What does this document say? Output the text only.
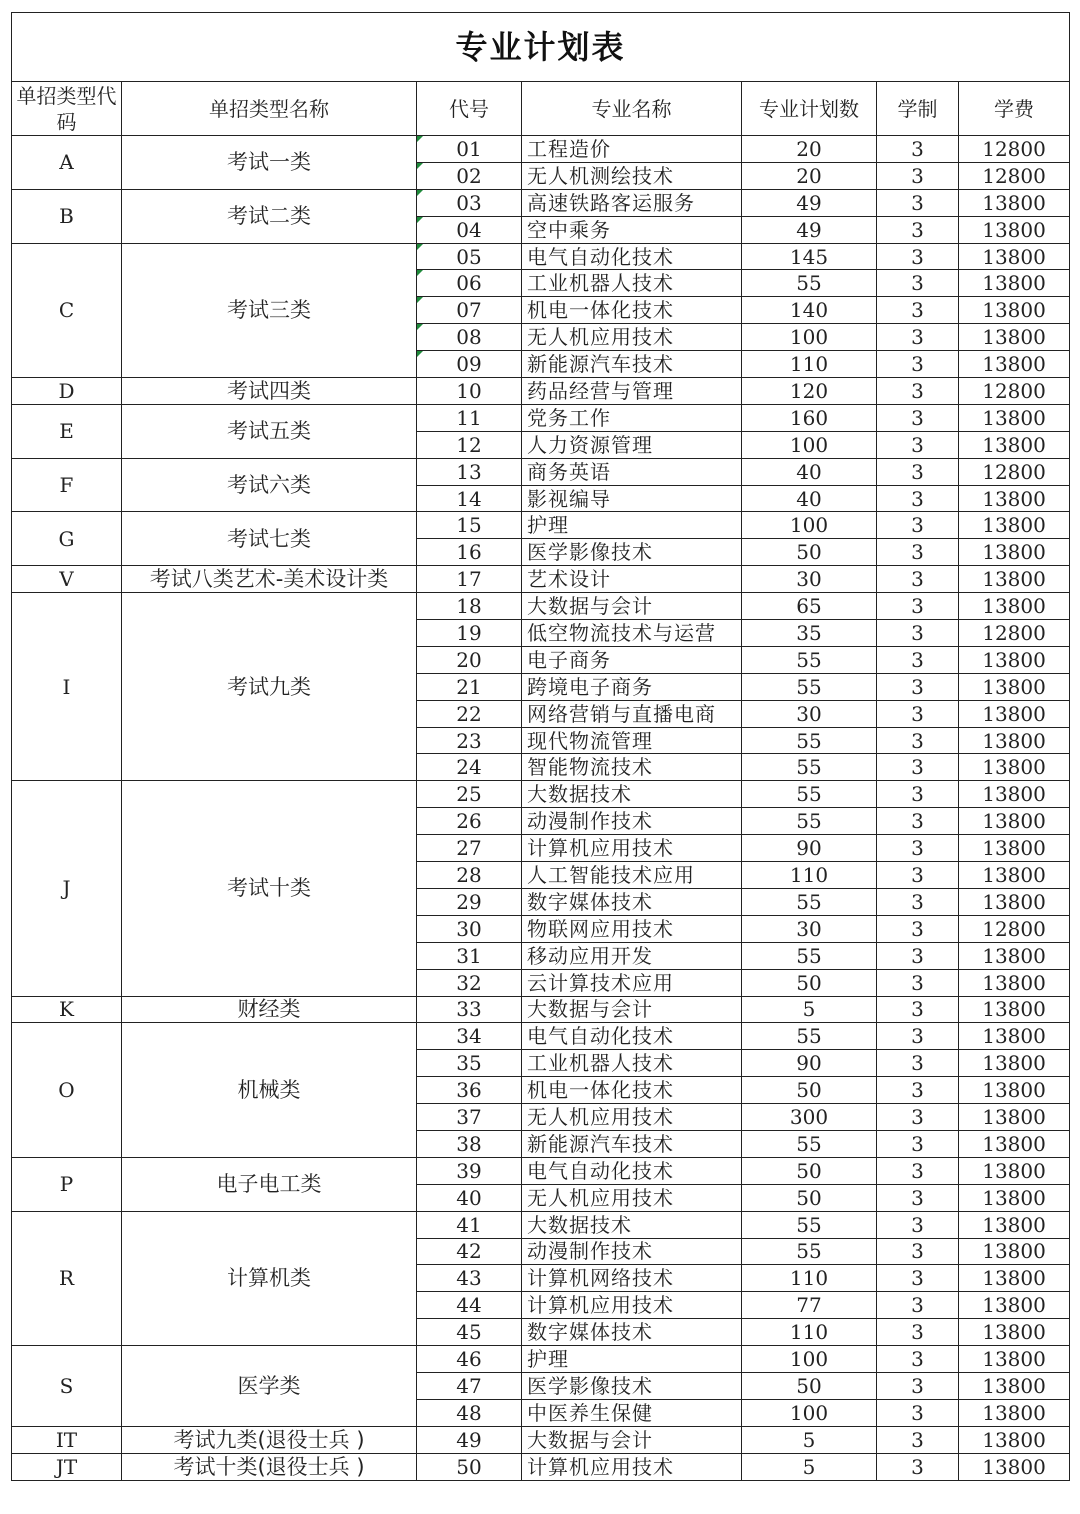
专业计划表						
单招类型代码	单招类型名称	代号	专业名称	专业计划数	学制	学费
A	考试一类	01	工程造价	20	3	12800
		02	无人机测绘技术	20	3	12800
B	考试二类	03	高速铁路客运服务	49	3	13800
		04	空中乘务	49	3	13800
C	考试三类	05	电气自动化技术	145	3	13800
		06	工业机器人技术	55	3	13800
		07	机电一体化技术	140	3	13800
		08	无人机应用技术	100	3	13800
		09	新能源汽车技术	110	3	13800
D	考试四类	10	药品经营与管理	120	3	12800
E	考试五类	11	党务工作	160	3	13800
		12	人力资源管理	100	3	13800
F	考试六类	13	商务英语	40	3	12800
		14	影视编导	40	3	13800
G	考试七类	15	护理	100	3	13800
		16	医学影像技术	50	3	13800
V	考试八类艺术-美术设计类	17	艺术设计	30	3	13800
I	考试九类	18	大数据与会计	65	3	13800
		19	低空物流技术与运营	35	3	12800
		20	电子商务	55	3	13800
		21	跨境电子商务	55	3	13800
		22	网络营销与直播电商	30	3	13800
		23	现代物流管理	55	3	13800
		24	智能物流技术	55	3	13800
J	考试十类	25	大数据技术	55	3	13800
		26	动漫制作技术	55	3	13800
		27	计算机应用技术	90	3	13800
		28	人工智能技术应用	110	3	13800
		29	数字媒体技术	55	3	13800
		30	物联网应用技术	30	3	12800
		31	移动应用开发	55	3	13800
		32	云计算技术应用	50	3	13800
K	财经类	33	大数据与会计	5	3	13800
O	机械类	34	电气自动化技术	55	3	13800
		35	工业机器人技术	90	3	13800
		36	机电一体化技术	50	3	13800
		37	无人机应用技术	300	3	13800
		38	新能源汽车技术	55	3	13800
P	电子电工类	39	电气自动化技术	50	3	13800
		40	无人机应用技术	50	3	13800
R	计算机类	41	大数据技术	55	3	13800
		42	动漫制作技术	55	3	13800
		43	计算机网络技术	110	3	13800
		44	计算机应用技术	77	3	13800
		45	数字媒体技术	110	3	13800
S	医学类	46	护理	100	3	13800
		47	医学影像技术	50	3	13800
		48	中医养生保健	100	3	13800
IT	考试九类(退役士兵 )	49	大数据与会计	5	3	13800
JT	考试十类(退役士兵 )	50	计算机应用技术	5	3	13800
